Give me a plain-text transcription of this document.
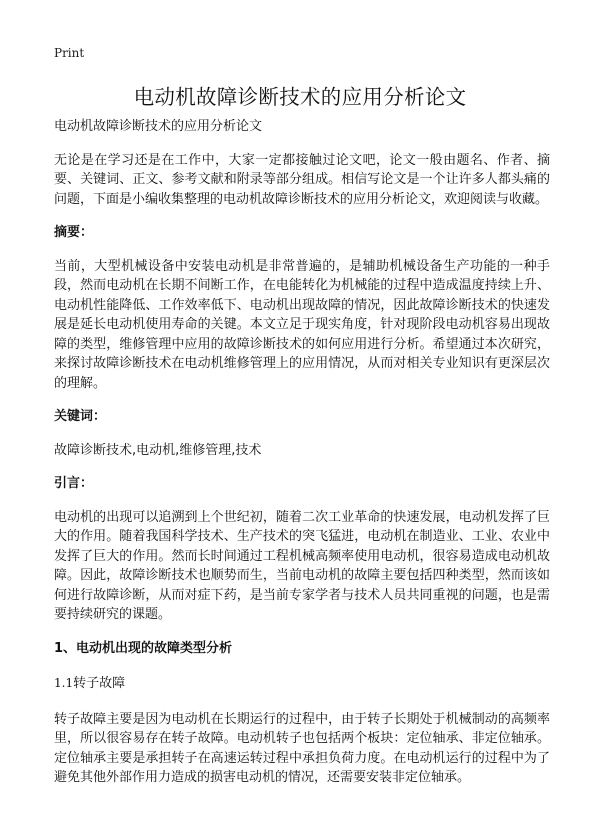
Print
电动机故障诊断技术的应用分析论文

电动机故障诊断技术的应用分析论文

无论是在学习还是在工作中，大家一定都接触过论文吧，论文一般由题名、作者、摘要、关键词、正文、参考文献和附录等部分组成。相信写论文是一个让许多人都头痛的问题，下面是小编收集整理的电动机故障诊断技术的应用分析论文，欢迎阅读与收藏。

摘要：

当前，大型机械设备中安装电动机是非常普遍的，是辅助机械设备生产功能的一种手段，然而电动机在长期不间断工作，在电能转化为机械能的过程中造成温度持续上升、电动机性能降低、工作效率低下、电动机出现故障的情况，因此故障诊断技术的快速发展是延长电动机使用寿命的关键。本文立足于现实角度，针对现阶段电动机容易出现故障的类型，维修管理中应用的故障诊断技术的如何应用进行分析。希望通过本次研究，来探讨故障诊断技术在电动机维修管理上的应用情况，从而对相关专业知识有更深层次的理解。

关键词：

故障诊断技术,电动机,维修管理,技术

引言：

电动机的出现可以追溯到上个世纪初，随着二次工业革命的快速发展，电动机发挥了巨大的作用。随着我国科学技术、生产技术的突飞猛进，电动机在制造业、工业、农业中发挥了巨大的作用。然而长时间通过工程机械高频率使用电动机，很容易造成电动机故障。因此，故障诊断技术也顺势而生，当前电动机的故障主要包括四种类型，然而该如何进行故障诊断，从而对症下药，是当前专家学者与技术人员共同重视的问题，也是需要持续研究的课题。

1、电动机出现的故障类型分析

1.1转子故障

转子故障主要是因为电动机在长期运行的过程中，由于转子长期处于机械制动的高频率里，所以很容易存在转子故障。电动机转子也包括两个板块：定位轴承、非定位轴承。定位轴承主要是承担转子在高速运转过程中承担负荷力度。在电动机运行的过程中为了避免其他外部作用力造成的损害电动机的情况，还需要安装非定位轴承。
